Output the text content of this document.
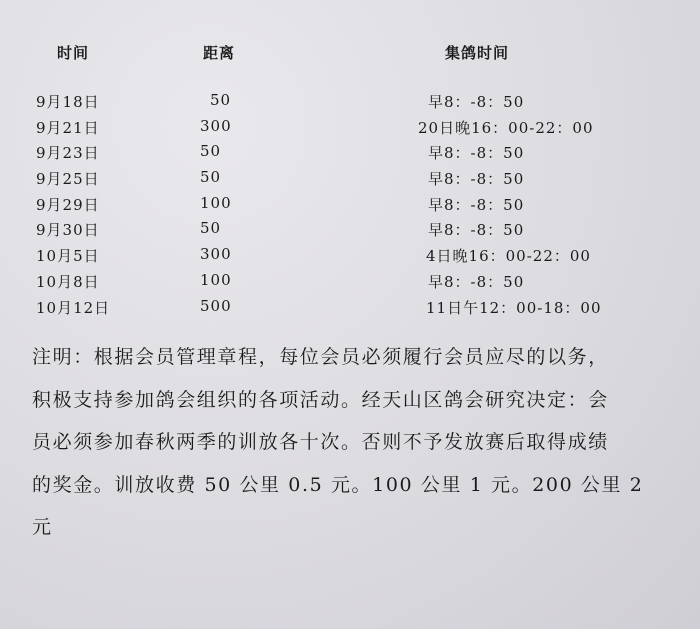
时间	距离	集鸽时间
9月18日	50	早8：-8：50
9月21日	300	20日晚16：00-22：00
9月23日	50	早8：-8：50
9月25日	50	早8：-8：50
9月29日	100	早8：-8：50
9月30日	50	早8：-8：50
10月5日	300	4日晚16：00-22：00
10月8日	100	早8：-8：50
10月12日	500	11日午12：00-18：00
注明：根据会员管理章程，每位会员必须履行会员应尽的以务，
积极支持参加鸽会组织的各项活动。经天山区鸽会研究决定：会
员必须参加春秋两季的训放各十次。否则不予发放赛后取得成绩
的奖金。训放收费 50 公里 0.5 元。100 公里 1 元。200 公里 2
元
